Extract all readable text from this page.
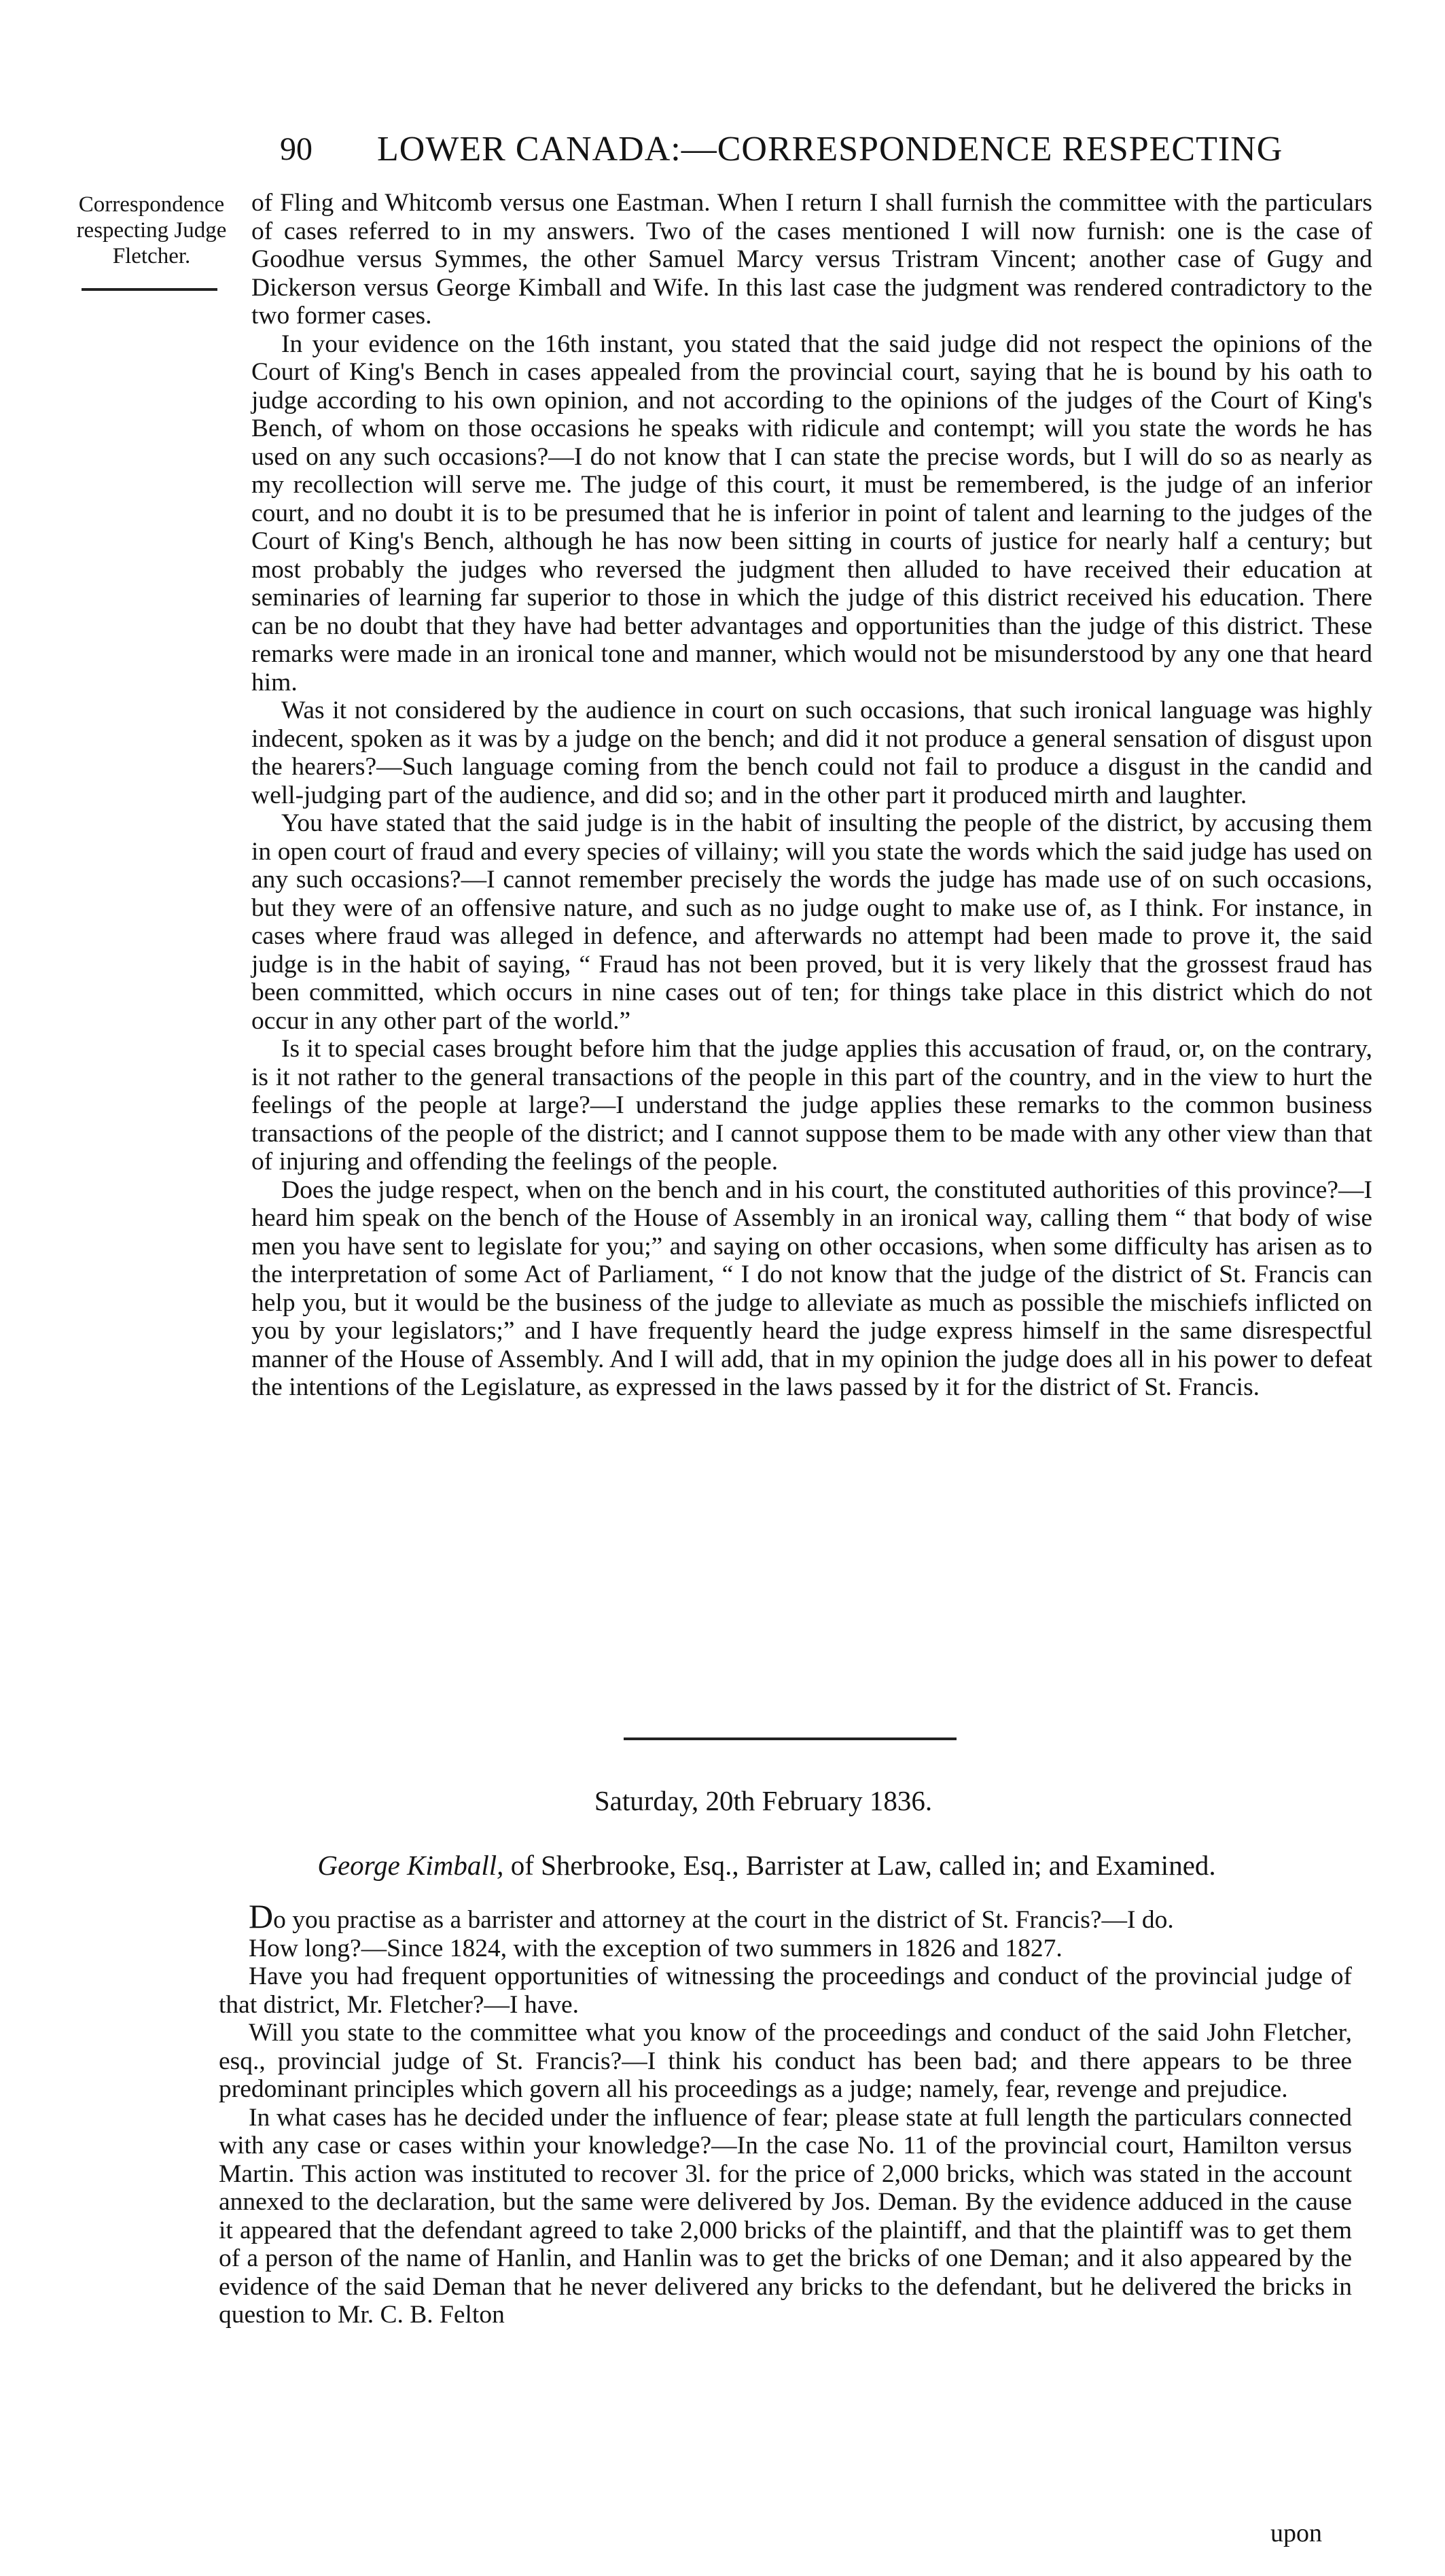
90 LOWER CANADA:—CORRESPONDENCE RESPECTING
Correspondence respecting Judge Fletcher.

of Fling and Whitcomb versus one Eastman. When I return I shall furnish the committee with the particulars of cases referred to in my answers. Two of the cases mentioned I will now furnish: one is the case of Goodhue versus Symmes, the other Samuel Marcy versus Tristram Vincent; another case of Gugy and Dickerson versus George Kimball and Wife. In this last case the judgment was rendered contradictory to the two former cases.

In your evidence on the 16th instant, you stated that the said judge did not respect the opinions of the Court of King's Bench in cases appealed from the provincial court, saying that he is bound by his oath to judge according to his own opinion, and not according to the opinions of the judges of the Court of King's Bench, of whom on those occasions he speaks with ridicule and contempt; will you state the words he has used on any such occasions?—I do not know that I can state the precise words, but I will do so as nearly as my recollection will serve me. The judge of this court, it must be remembered, is the judge of an inferior court, and no doubt it is to be presumed that he is inferior in point of talent and learning to the judges of the Court of King's Bench, although he has now been sitting in courts of justice for nearly half a century; but most probably the judges who reversed the judgment then alluded to have received their education at seminaries of learning far superior to those in which the judge of this district received his education. There can be no doubt that they have had better advantages and opportunities than the judge of this district. These remarks were made in an ironical tone and manner, which would not be misunderstood by any one that heard him.

Was it not considered by the audience in court on such occasions, that such ironical language was highly indecent, spoken as it was by a judge on the bench; and did it not produce a general sensation of disgust upon the hearers?—Such language coming from the bench could not fail to produce a disgust in the candid and well-judging part of the audience, and did so; and in the other part it produced mirth and laughter.

You have stated that the said judge is in the habit of insulting the people of the district, by accusing them in open court of fraud and every species of villainy; will you state the words which the said judge has used on any such occasions?—I cannot remember precisely the words the judge has made use of on such occasions, but they were of an offensive nature, and such as no judge ought to make use of, as I think. For instance, in cases where fraud was alleged in defence, and afterwards no attempt had been made to prove it, the said judge is in the habit of saying, “ Fraud has not been proved, but it is very likely that the grossest fraud has been committed, which occurs in nine cases out of ten; for things take place in this district which do not occur in any other part of the world.”

Is it to special cases brought before him that the judge applies this accusation of fraud, or, on the contrary, is it not rather to the general transactions of the people in this part of the country, and in the view to hurt the feelings of the people at large?—I understand the judge applies these remarks to the common business transactions of the people of the district; and I cannot suppose them to be made with any other view than that of injuring and offending the feelings of the people.

Does the judge respect, when on the bench and in his court, the constituted authorities of this province?—I heard him speak on the bench of the House of Assembly in an ironical way, calling them “ that body of wise men you have sent to legislate for you;” and saying on other occasions, when some difficulty has arisen as to the interpretation of some Act of Parliament, “ I do not know that the judge of the district of St. Francis can help you, but it would be the business of the judge to alleviate as much as possible the mischiefs inflicted on you by your legislators;” and I have frequently heard the judge express himself in the same disrespectful manner of the House of Assembly. And I will add, that in my opinion the judge does all in his power to defeat the intentions of the Legislature, as expressed in the laws passed by it for the district of St. Francis.

Saturday, 20th February 1836.
George Kimball, of Sherbrooke, Esq., Barrister at Law, called in; and Examined.

Do you practise as a barrister and attorney at the court in the district of St. Francis?—I do.

How long?—Since 1824, with the exception of two summers in 1826 and 1827.

Have you had frequent opportunities of witnessing the proceedings and conduct of the provincial judge of that district, Mr. Fletcher?—I have.

Will you state to the committee what you know of the proceedings and conduct of the said John Fletcher, esq., provincial judge of St. Francis?—I think his conduct has been bad; and there appears to be three predominant principles which govern all his proceedings as a judge; namely, fear, revenge and prejudice.

In what cases has he decided under the influence of fear; please state at full length the particulars connected with any case or cases within your knowledge?—In the case No. 11 of the provincial court, Hamilton versus Martin. This action was instituted to recover 3l. for the price of 2,000 bricks, which was stated in the account annexed to the declaration, but the same were delivered by Jos. Deman. By the evidence adduced in the cause it appeared that the defendant agreed to take 2,000 bricks of the plaintiff, and that the plaintiff was to get them of a person of the name of Hanlin, and Hanlin was to get the bricks of one Deman; and it also appeared by the evidence of the said Deman that he never delivered any bricks to the defendant, but he delivered the bricks in question to Mr. C. B. Felton

upon
